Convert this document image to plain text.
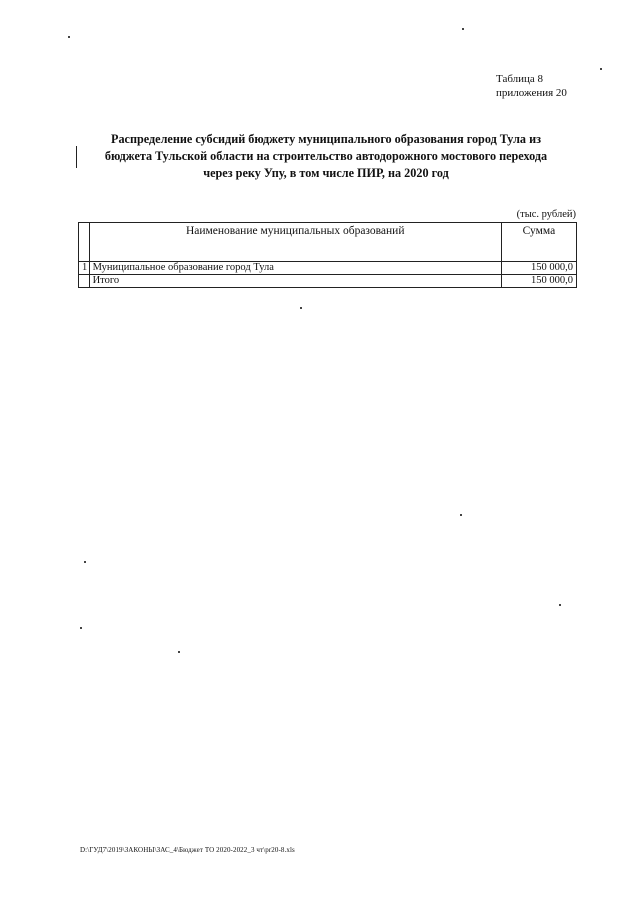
Таблица 8
приложения 20
Распределение субсидий бюджету муниципального образования город Тула из
бюджета Тульской области на строительство автодорожного мостового перехода
через реку Упу, в том числе ПИР, на 2020 год
(тыс. рублей)
	Наименование муниципальных образований	Сумма
1	Муниципальное образование город Тула	150 000,0
	Итого	150 000,0
D:\ГУД7\2019\ЗАКОНЫ\ЗАС_4\Бюджет ТО 2020-2022_3 чт\pr20-8.xls
